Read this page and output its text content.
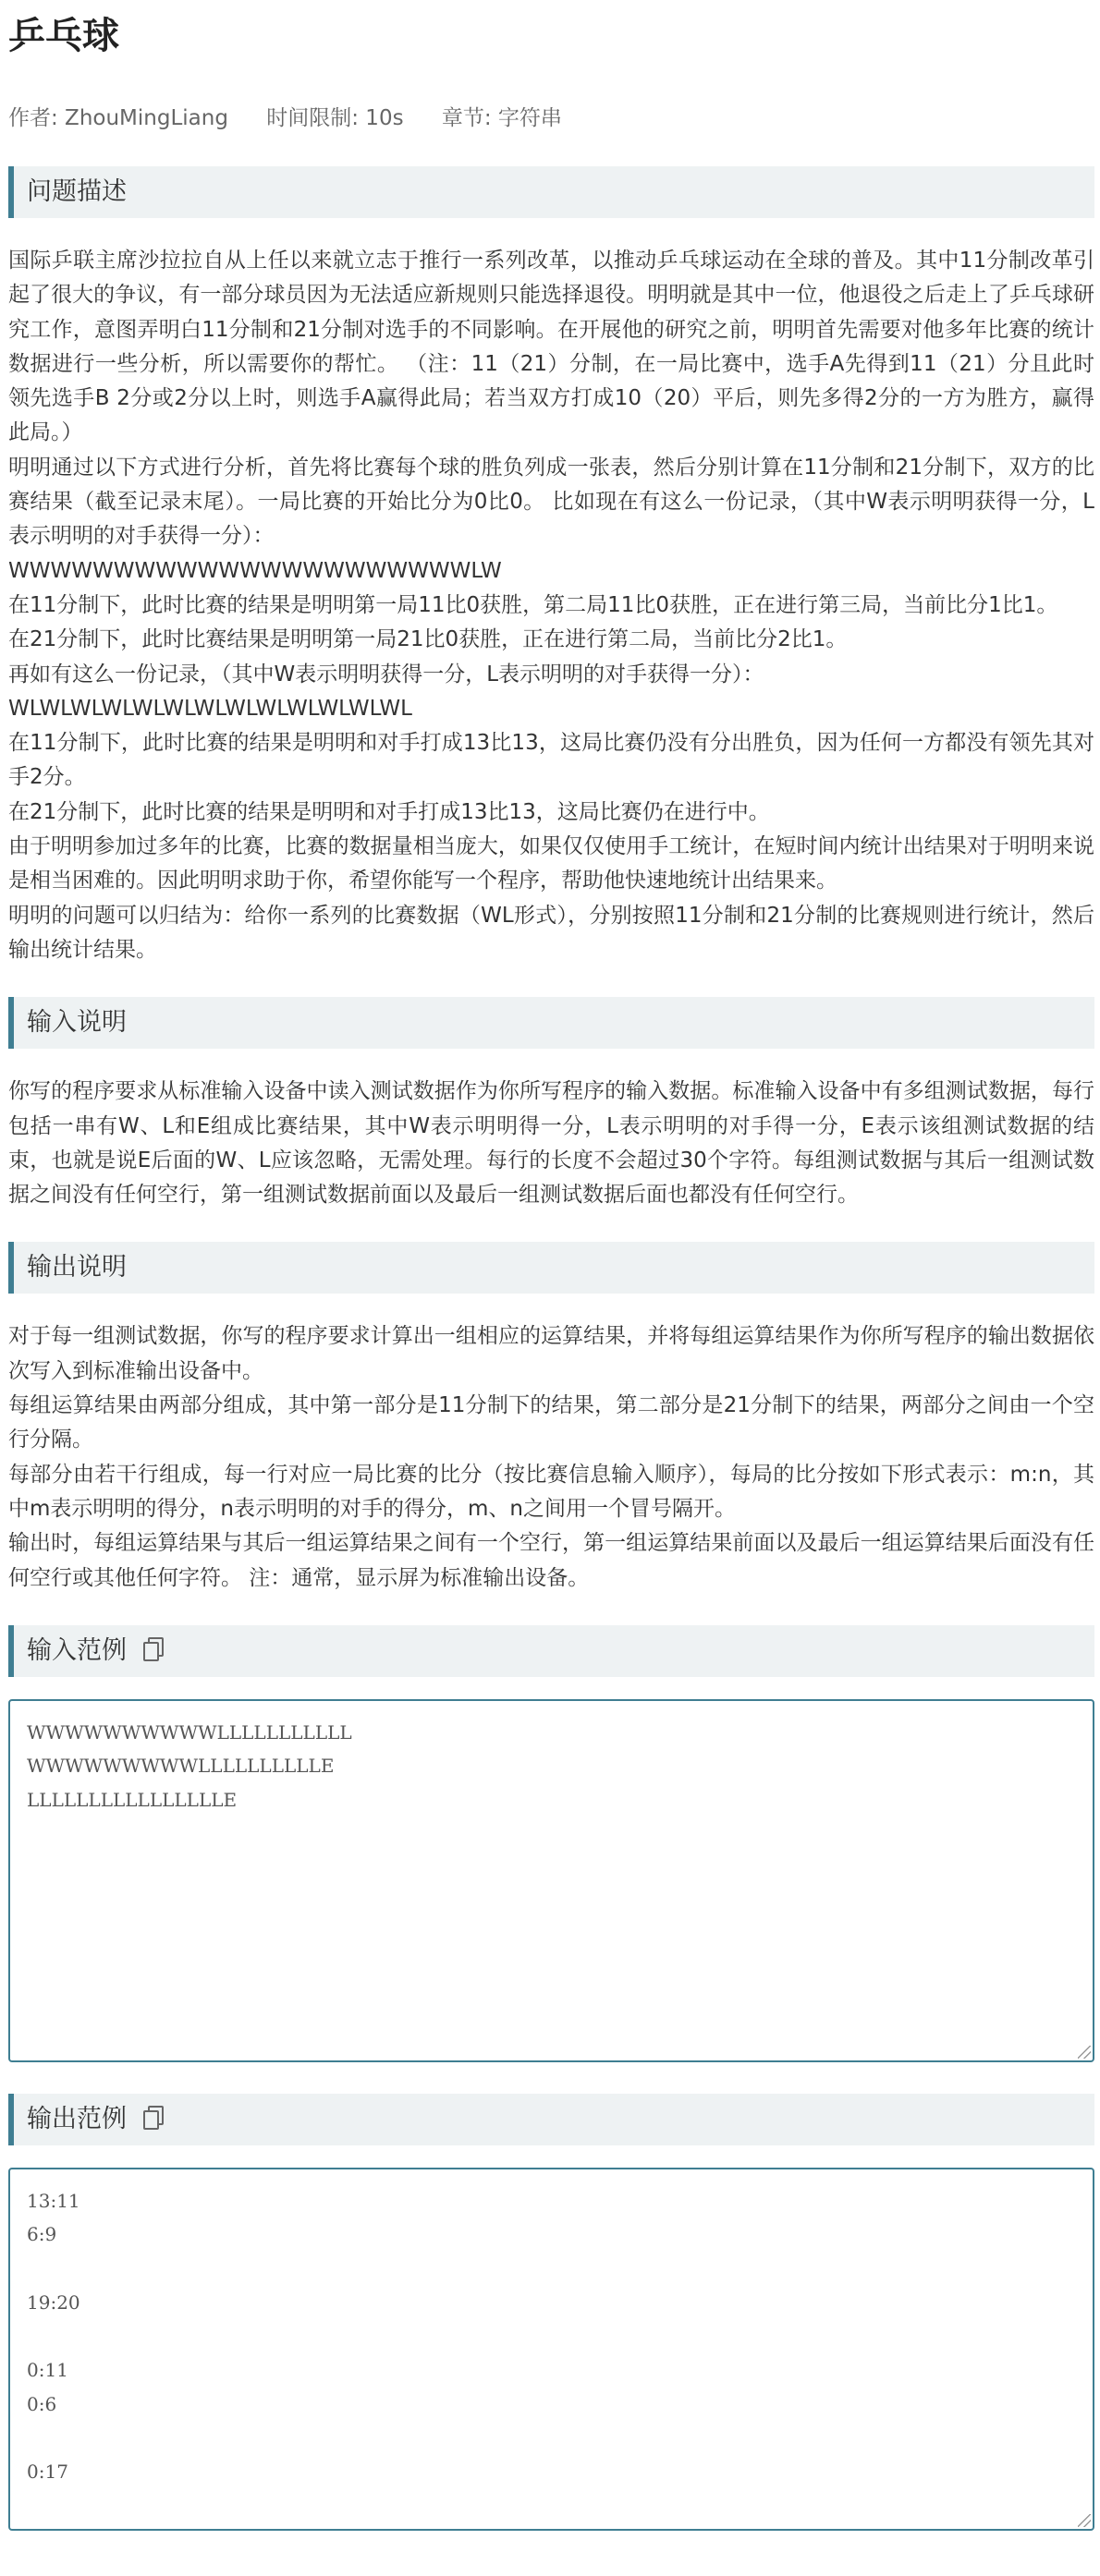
乒乓球
作者: ZhouMingLiang 时间限制: 10s 章节: 字符串
问题描述

国际乒联主席沙拉拉自从上任以来就立志于推行一系列改革，以推动乒乓球运动在全球的普及。其中11分制改革引起了很大的争议，有一部分球员因为无法适应新规则只能选择退役。明明就是其中一位，他退役之后走上了乒乓球研究工作，意图弄明白11分制和21分制对选手的不同影响。在开展他的研究之前，明明首先需要对他多年比赛的统计数据进行一些分析，所以需要你的帮忙。 （注：11（21）分制，在一局比赛中，选手A先得到11（21）分且此时领先选手B 2分或2分以上时，则选手A赢得此局；若当双方打成10（20）平后，则先多得2分的一方为胜方，赢得此局。）

明明通过以下方式进行分析，首先将比赛每个球的胜负列成一张表，然后分别计算在11分制和21分制下，双方的比赛结果（截至记录末尾）。一局比赛的开始比分为0比0。 比如现在有这么一份记录，（其中W表示明明获得一分，L表示明明的对手获得一分）：

WWWWWWWWWWWWWWWWWWWWWWLW

在11分制下，此时比赛的结果是明明第一局11比0获胜，第二局11比0获胜，正在进行第三局，当前比分1比1。

在21分制下，此时比赛结果是明明第一局21比0获胜，正在进行第二局，当前比分2比1。

再如有这么一份记录，（其中W表示明明获得一分，L表示明明的对手获得一分）：

WLWLWLWLWLWLWLWLWLWLWLWLWL

在11分制下，此时比赛的结果是明明和对手打成13比13，这局比赛仍没有分出胜负，因为任何一方都没有领先其对手2分。

在21分制下，此时比赛的结果是明明和对手打成13比13，这局比赛仍在进行中。

由于明明参加过多年的比赛，比赛的数据量相当庞大，如果仅仅使用手工统计，在短时间内统计出结果对于明明来说是相当困难的。因此明明求助于你，希望你能写一个程序，帮助他快速地统计出结果来。

明明的问题可以归结为：给你一系列的比赛数据（WL形式），分别按照11分制和21分制的比赛规则进行统计，然后输出统计结果。

输入说明

你写的程序要求从标准输入设备中读入测试数据作为你所写程序的输入数据。标准输入设备中有多组测试数据，每行包括一串有W、L和E组成比赛结果，其中W表示明明得一分，L表示明明的对手得一分，E表示该组测试数据的结束，也就是说E后面的W、L应该忽略，无需处理。每行的长度不会超过30个字符。每组测试数据与其后一组测试数据之间没有任何空行，第一组测试数据前面以及最后一组测试数据后面也都没有任何空行。

输出说明

对于每一组测试数据，你写的程序要求计算出一组相应的运算结果，并将每组运算结果作为你所写程序的输出数据依次写入到标准输出设备中。

每组运算结果由两部分组成，其中第一部分是11分制下的结果，第二部分是21分制下的结果，两部分之间由一个空行分隔。

每部分由若干行组成，每一行对应一局比赛的比分（按比赛信息输入顺序），每局的比分按如下形式表示：m:n，其中m表示明明的得分，n表示明明的对手的得分，m、n之间用一个冒号隔开。

输出时，每组运算结果与其后一组运算结果之间有一个空行，第一组运算结果前面以及最后一组运算结果后面没有任何空行或其他任何字符。 注：通常，显示屏为标准输出设备。

输入范例
WWWWWWWWWWLLLLLLLLLLL
WWWWWWWWWLLLLLLLLLLE
LLLLLLLLLLLLLLLLE
输出范例
13:11
6:9
19:20
0:11
0:6
0:17
